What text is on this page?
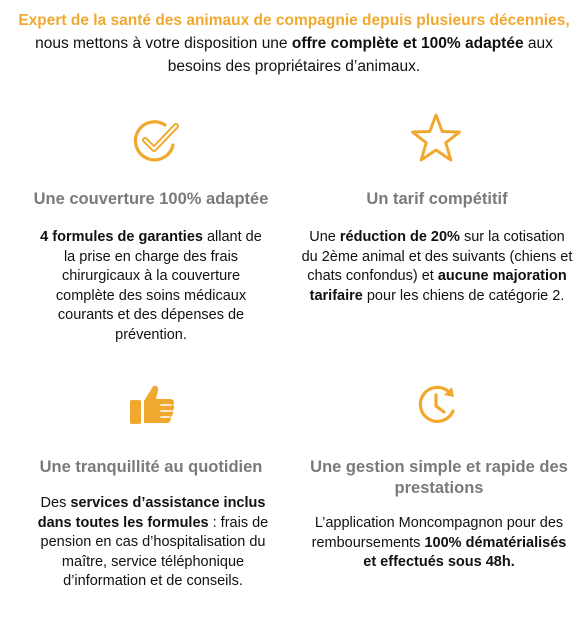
Expert de la santé des animaux de compagnie depuis plusieurs décennies, nous mettons à votre disposition une offre complète et 100% adaptée aux besoins des propriétaires d’animaux.
Une couverture 100% adaptée
4 formules de garanties allant de la prise en charge des frais chirurgicaux à la couverture complète des soins médicaux courants et des dépenses de prévention.
Un tarif compétitif
Une réduction de 20% sur la cotisation du 2ème animal et des suivants (chiens et chats confondus) et aucune majoration tarifaire pour les chiens de catégorie 2.
Une tranquillité au quotidien
Des services d’assistance inclus dans toutes les formules : frais de pension en cas d’hospitalisation du maître, service téléphonique d’information et de conseils.
Une gestion simple et rapide des prestations
L’application Moncompagnon pour des remboursements 100% dématérialisés et effectués sous 48h.
